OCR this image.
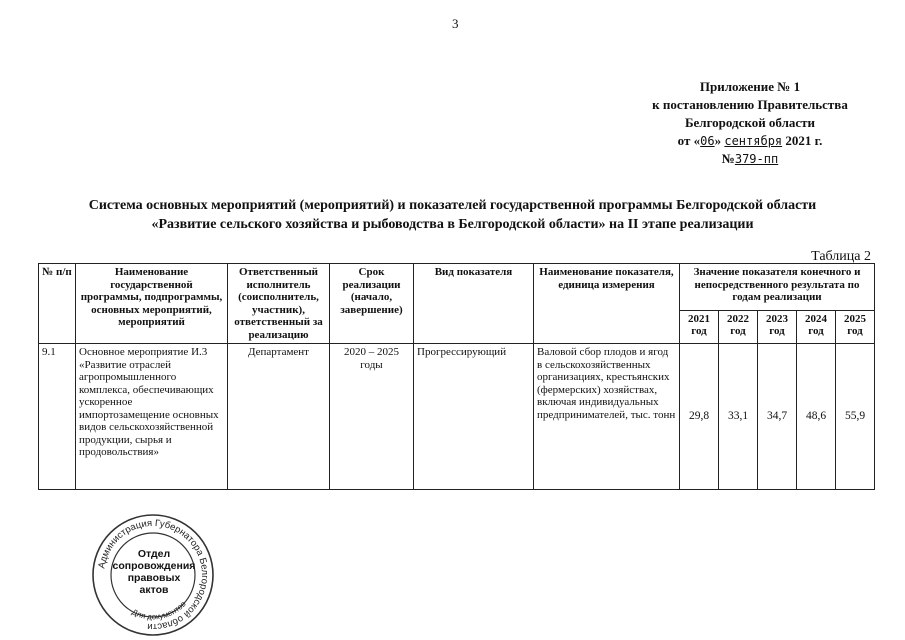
3
Приложение № 1
к постановлению Правительства
Белгородской области
от «06» сентября 2021 г.
№379-пп
Система основных мероприятий (мероприятий) и показателей государственной программы Белгородской области
«Развитие сельского хозяйства и рыбоводства в Белгородской области» на II этапе реализации
Таблица 2
№ п/п	Наименование государственной программы, подпрограммы, основных мероприятий, мероприятий	Ответственный исполнитель (соисполнитель, участник), ответственный за реализацию	Срок реализации (начало, завершение)	Вид показателя	Наименование показателя, единица измерения	Значение показателя конечного и непосредственного результата по годам реализации				
						2021 год	2022 год	2023 год	2024 год	2025 год
9.1	Основное мероприятие И.3 «Развитие отраслей агропромышленного комплекса, обеспечивающих ускоренное импортозамещение основных видов сельскохозяйственной продукции, сырья и продовольствия»	Департамент	2020 – 2025 годы	Прогрессирующий	Валовой сбор плодов и ягод в сельскохозяйственных организациях, крестьянских (фермерских) хозяйствах, включая индивидуальных предпринимателей, тыс. тонн	29,8	33,1	34,7	48,6	55,9
Администрация Губернатора Белгородской области
Для документов
Отдел
сопровождения
правовых
актов
